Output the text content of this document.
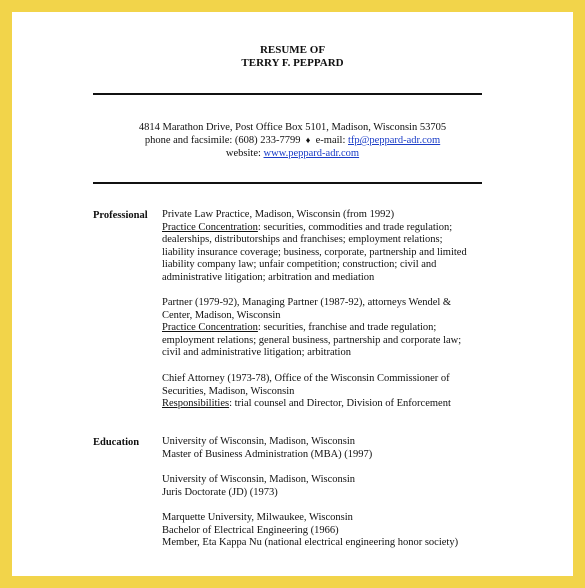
RESUME OF
TERRY F. PEPPARD
4814 Marathon Drive, Post Office Box 5101, Madison, Wisconsin 53705
phone and facsimile: (608) 233-7799 ♦ e-mail: tfp@peppard-adr.com
website: www.peppard-adr.com
Professional Private Law Practice, Madison, Wisconsin (from 1992)
Practice Concentration: securities, commodities and trade regulation;
dealerships, distributorships and franchises; employment relations;
liability insurance coverage; business, corporate, partnership and limited
liability company law; unfair competition; construction; civil and
administrative litigation; arbitration and mediation
Partner (1979-92), Managing Partner (1987-92), attorneys Wendel &
Center, Madison, Wisconsin
Practice Concentration: securities, franchise and trade regulation;
employment relations; general business, partnership and corporate law;
civil and administrative litigation; arbitration
Chief Attorney (1973-78), Office of the Wisconsin Commissioner of
Securities, Madison, Wisconsin
Responsibilities: trial counsel and Director, Division of Enforcement
Education University of Wisconsin, Madison, Wisconsin
Master of Business Administration (MBA) (1997)
University of Wisconsin, Madison, Wisconsin
Juris Doctorate (JD) (1973)
Marquette University, Milwaukee, Wisconsin
Bachelor of Electrical Engineering (1966)
Member, Eta Kappa Nu (national electrical engineering honor society)
